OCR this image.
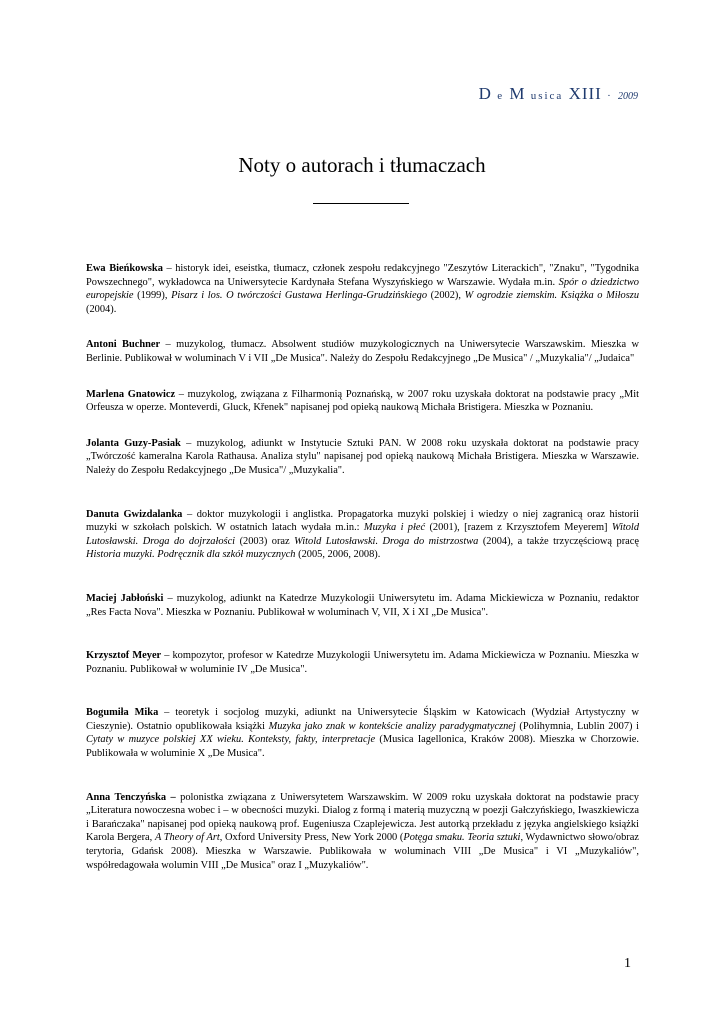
D e M usica XIII · 2009
Noty o autorach i tłumaczach

Ewa Bieńkowska – historyk idei, eseistka, tłumacz, członek zespołu redakcyjnego "Zeszytów Literackich", "Znaku", "Tygodnika Powszechnego", wykładowca na Uniwersytecie Kardynała Stefana Wyszyńskiego w Warszawie. Wydała m.in. Spór o dziedzictwo europejskie (1999), Pisarz i los. O twórczości Gustawa Herlinga-Grudzińskiego (2002), W ogrodzie ziemskim. Książka o Miłoszu (2004).

Antoni Buchner – muzykolog, tłumacz. Absolwent studiów muzykologicznych na Uniwersytecie Warszawskim. Mieszka w Berlinie. Publikował w woluminach V i VII „De Musica". Należy do Zespołu Redakcyjnego „De Musica" / „Muzykalia"/ „Judaica"

Marlena Gnatowicz – muzykolog, związana z Filharmonią Poznańską, w 2007 roku uzyskała doktorat na podstawie pracy „Mit Orfeusza w operze. Monteverdi, Gluck, Křenek" napisanej pod opieką naukową Michała Bristigera. Mieszka w Poznaniu.

Jolanta Guzy-Pasiak – muzykolog, adiunkt w Instytucie Sztuki PAN. W 2008 roku uzyskała doktorat na podstawie pracy „Twórczość kameralna Karola Rathausa. Analiza stylu" napisanej pod opieką naukową Michała Bristigera. Mieszka w Warszawie. Należy do Zespołu Redakcyjnego „De Musica"/ „Muzykalia".

Danuta Gwizdalanka – doktor muzykologii i anglistka. Propagatorka muzyki polskiej i wiedzy o niej zagranicą oraz historii muzyki w szkołach polskich. W ostatnich latach wydała m.in.: Muzyka i płeć (2001), [razem z Krzysztofem Meyerem] Witold Lutosławski. Droga do dojrzałości (2003) oraz Witold Lutosławski. Droga do mistrzostwa (2004), a także trzyczęściową pracę Historia muzyki. Podręcznik dla szkół muzycznych (2005, 2006, 2008).

Maciej Jabłoński – muzykolog, adiunkt na Katedrze Muzykologii Uniwersytetu im. Adama Mickiewicza w Poznaniu, redaktor „Res Facta Nova". Mieszka w Poznaniu. Publikował w woluminach V, VII, X i XI „De Musica".

Krzysztof Meyer – kompozytor, profesor w Katedrze Muzykologii Uniwersytetu im. Adama Mickiewicza w Poznaniu. Mieszka w Poznaniu. Publikował w woluminie IV „De Musica".

Bogumiła Mika – teoretyk i socjolog muzyki, adiunkt na Uniwersytecie Śląskim w Katowicach (Wydział Artystyczny w Cieszynie). Ostatnio opublikowała książki Muzyka jako znak w kontekście analizy paradygmatycznej (Polihymnia, Lublin 2007) i Cytaty w muzyce polskiej XX wieku. Konteksty, fakty, interpretacje (Musica Iagellonica, Kraków 2008). Mieszka w Chorzowie. Publikowała w woluminie X „De Musica".

Anna Tenczyńska – polonistka związana z Uniwersytetem Warszawskim. W 2009 roku uzyskała doktorat na podstawie pracy „Literatura nowoczesna wobec i – w obecności muzyki. Dialog z formą i materią muzyczną w poezji Gałczyńskiego, Iwaszkiewicza i Barańczaka" napisanej pod opieką naukową prof. Eugeniusza Czaplejewicza. Jest autorką przekładu z języka angielskiego książki Karola Bergera, A Theory of Art, Oxford University Press, New York 2000 (Potęga smaku. Teoria sztuki, Wydawnictwo słowo/obraz terytoria, Gdańsk 2008). Mieszka w Warszawie. Publikowała w woluminach VIII „De Musica" i VI „Muzykaliów", współredagowała wolumin VIII „De Musica" oraz I „Muzykaliów".

1
